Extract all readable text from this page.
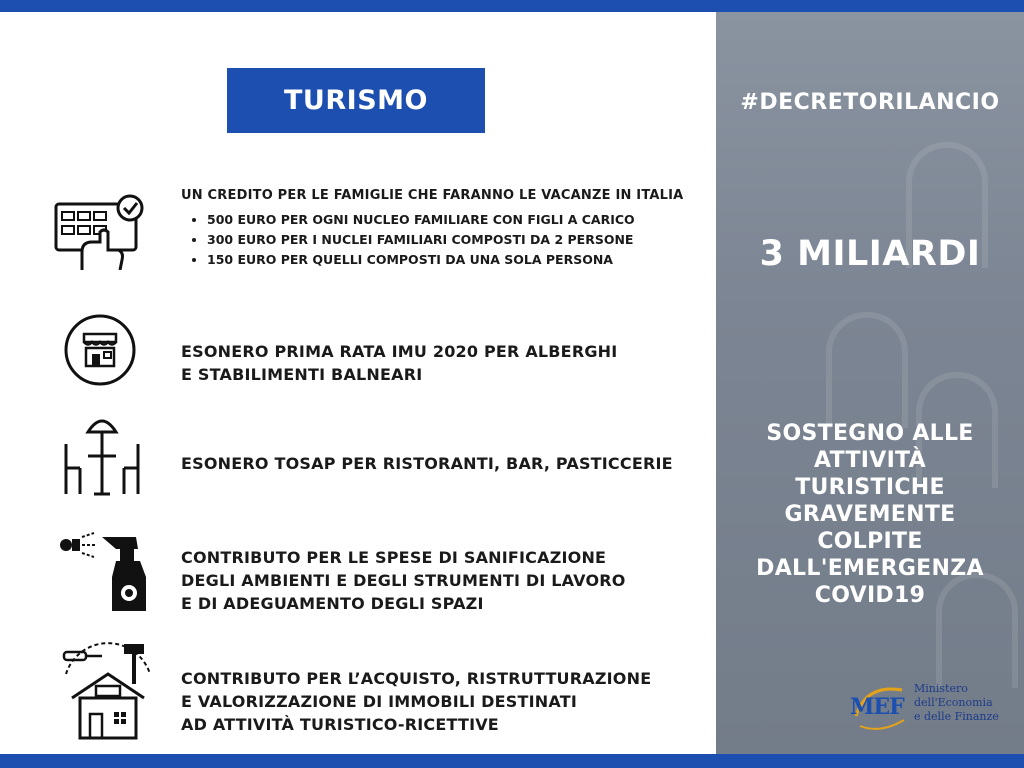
TURISMO
UN CREDITO PER LE FAMIGLIE CHE FARANNO LE VACANZE IN ITALIA
• 500 EURO PER OGNI NUCLEO FAMILIARE CON FIGLI A CARICO
• 300 EURO PER I NUCLEI FAMILIARI COMPOSTI DA 2 PERSONE
• 150 EURO PER QUELLI COMPOSTI DA UNA SOLA PERSONA
ESONERO PRIMA RATA IMU 2020 PER ALBERGHI
E STABILIMENTI BALNEARI
ESONERO TOSAP PER RISTORANTI, BAR, PASTICCERIE
CONTRIBUTO PER LE SPESE DI SANIFICAZIONE
DEGLI AMBIENTI E DEGLI STRUMENTI DI LAVORO
E DI ADEGUAMENTO DEGLI SPAZI
CONTRIBUTO PER L’ACQUISTO, RISTRUTTURAZIONE
E VALORIZZAZIONE DI IMMOBILI DESTINATI
AD ATTIVITÀ TURISTICO-RICETTIVE
#DECRETORILANCIO
3 MILIARDI
SOSTEGNO ALLE
ATTIVITÀ
TURISTICHE
GRAVEMENTE
COLPITE
DALL'EMERGENZA
COVID19
MEF
Ministero
dell'Economia
e delle Finanze
